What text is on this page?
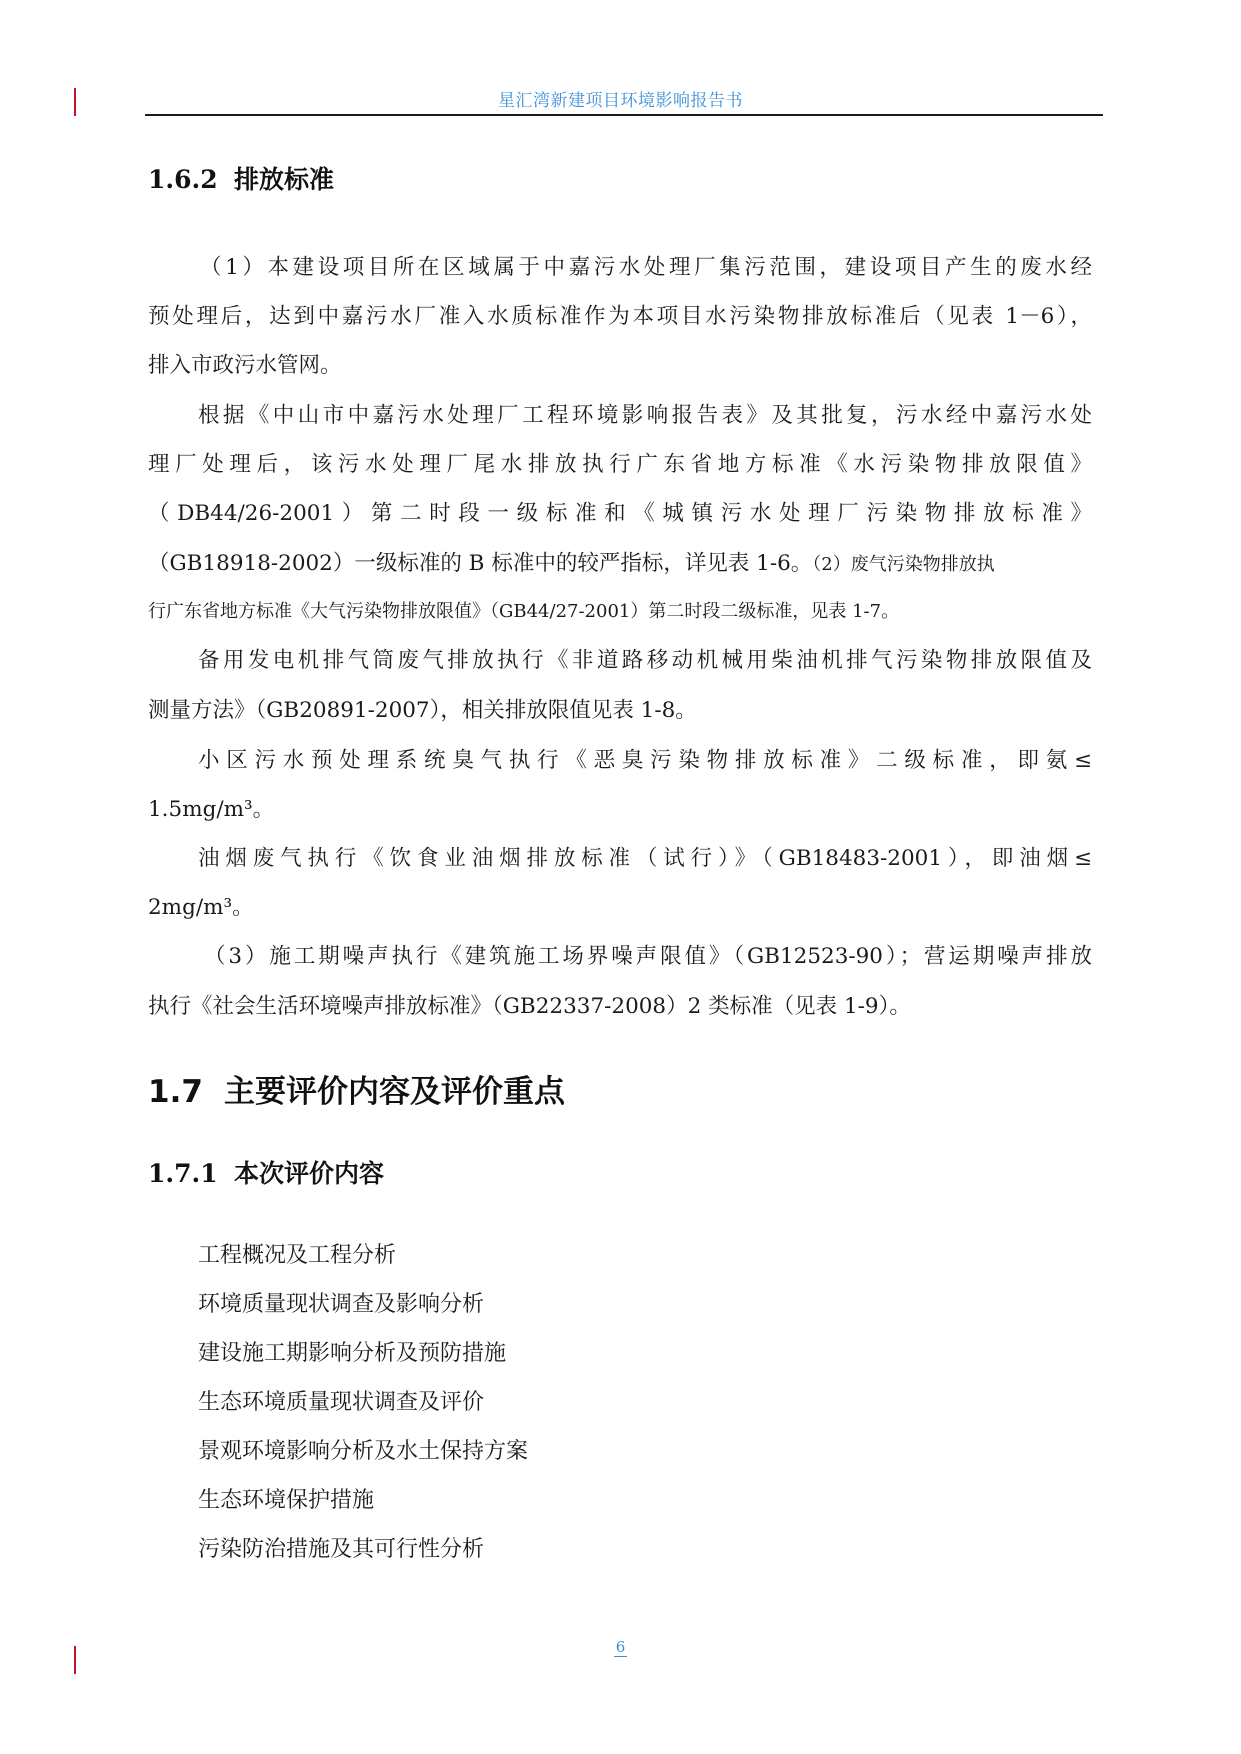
星汇湾新建项目环境影响报告书
1.6.2 排放标准
（1）本建设项目所在区域属于中嘉污水处理厂集污范围，建设项目产生的废水经
预处理后，达到中嘉污水厂准入水质标准作为本项目水污染物排放标准后（见表 1－6），
排入市政污水管网。
根据《中山市中嘉污水处理厂工程环境影响报告表》及其批复，污水经中嘉污水处
理厂处理后，该污水处理厂尾水排放执行广东省地方标准《水污染物排放限值》
（DB44/26-2001）第二时段一级标准和《城镇污水处理厂污染物排放标准》
（GB18918-2002）一级标准的 B 标准中的较严指标，详见表 1-6。（2）废气污染物排放执
行广东省地方标准《大气污染物排放限值》（GB44/27-2001）第二时段二级标准，见表 1-7。
备用发电机排气筒废气排放执行《非道路移动机械用柴油机排气污染物排放限值及
测量方法》（GB20891-2007），相关排放限值见表 1-8。
小区污水预处理系统臭气执行《恶臭污染物排放标准》二级标准，即氨≤
1.5mg/m³。
油烟废气执行《饮食业油烟排放标准（试行）》（GB18483-2001），即油烟≤
2mg/m³。
（3）施工期噪声执行《建筑施工场界噪声限值》（GB12523-90）；营运期噪声排放
执行《社会生活环境噪声排放标准》（GB22337-2008）2 类标准（见表 1-9）。
1.7 主要评价内容及评价重点
1.7.1 本次评价内容
工程概况及工程分析
环境质量现状调查及影响分析
建设施工期影响分析及预防措施
生态环境质量现状调查及评价
景观环境影响分析及水土保持方案
生态环境保护措施
污染防治措施及其可行性分析
6
